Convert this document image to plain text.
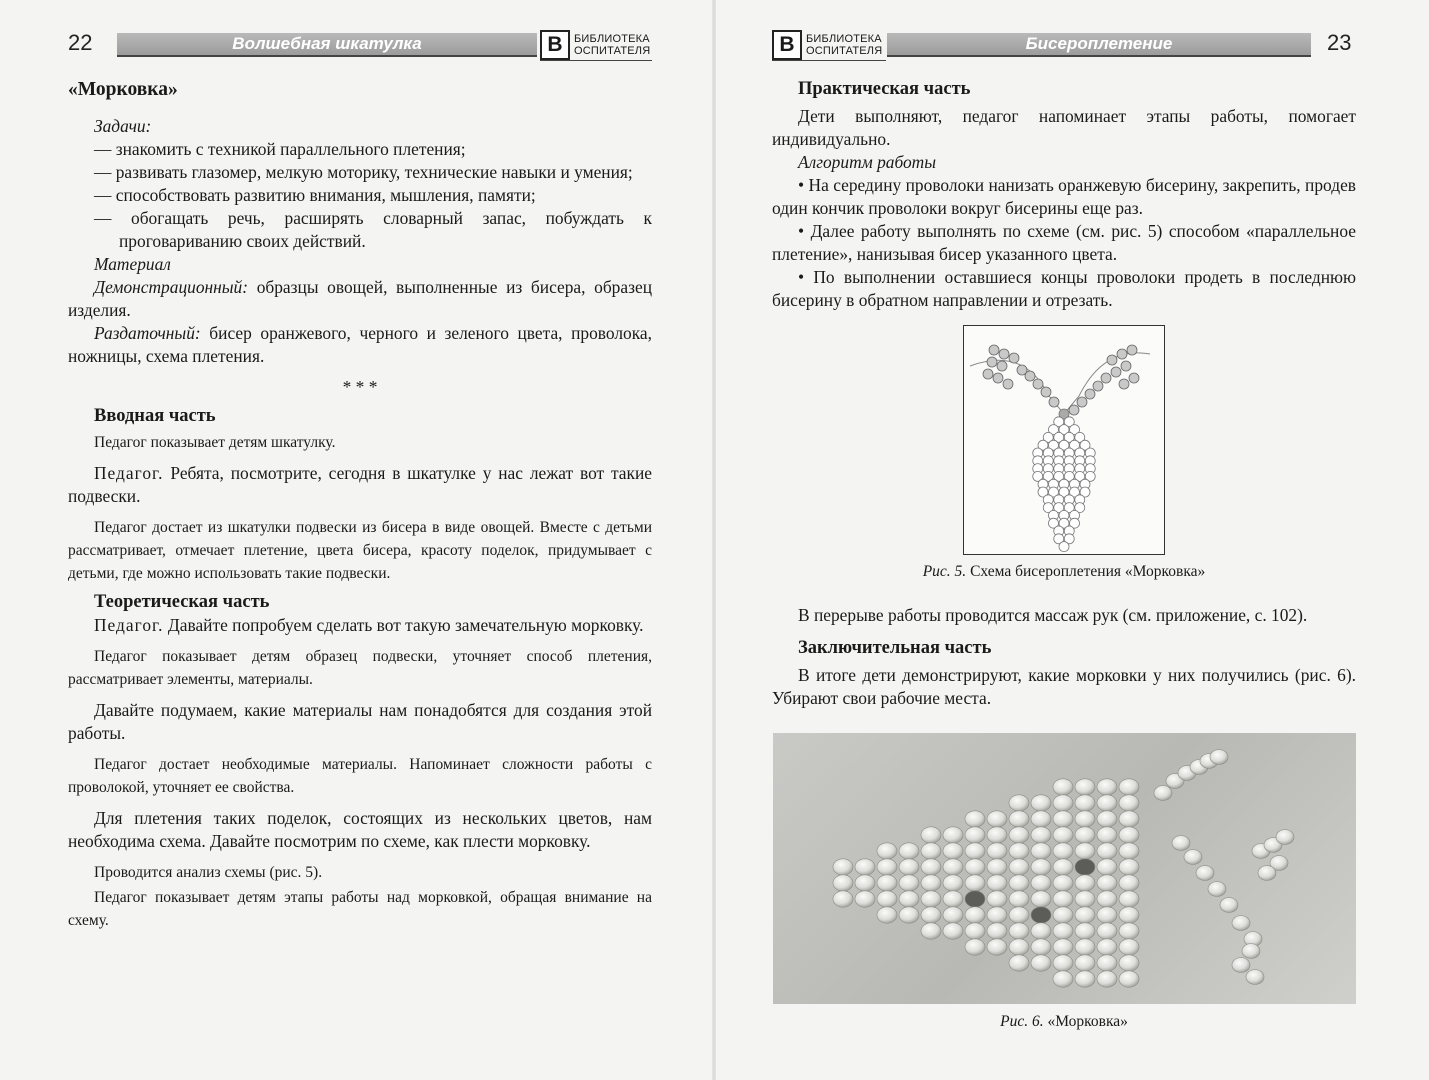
22	Волшебная шкатулка	В	БИБЛИОТЕКА
ОСПИТАТЕЛЯ

«Морковка»

Задачи:

— знакомить с техникой параллельного плетения;

— развивать глазомер, мелкую моторику, технические навыки и умения;

— способствовать развитию внимания, мышления, памяти;

— обогащать речь, расширять словарный запас, побуждать к проговариванию своих действий.

Материал

Демонстрационный: образцы овощей, выполненные из бисера, образец изделия.

Раздаточный: бисер оранжевого, черного и зеленого цвета, проволока, ножницы, схема плетения.

* * *

Вводная часть

Педагог показывает детям шкатулку.

Педагог. Ребята, посмотрите, сегодня в шкатулке у нас лежат вот такие подвески.

Педагог достает из шкатулки подвески из бисера в виде овощей. Вместе с детьми рассматривает, отмечает плетение, цвета бисера, красоту поделок, придумывает с детьми, где можно использовать такие подвески.

Теоретическая часть

Педагог. Давайте попробуем сделать вот такую замечательную морковку.

Педагог показывает детям образец подвески, уточняет способ плетения, рассматривает элементы, материалы.

Давайте подумаем, какие материалы нам понадобятся для создания этой работы.

Педагог достает необходимые материалы. Напоминает сложности работы с проволокой, уточняет ее свойства.

Для плетения таких поделок, состоящих из нескольких цветов, нам необходима схема. Давайте посмотрим по схеме, как плести морковку.

Проводится анализ схемы (рис. 5).

Педагог показывает детям этапы работы над морковкой, обращая внимание на схему.

В	БИБЛИОТЕКА
ОСПИТАТЕЛЯ	Бисероплетение	23

Практическая часть

Дети выполняют, педагог напоминает этапы работы, помогает индивидуально.

Алгоритм работы

• На середину проволоки нанизать оранжевую бисерину, закрепить, продев один кончик проволоки вокруг бисерины еще раз.

• Далее работу выполнять по схеме (см. рис. 5) способом «параллельное плетение», нанизывая бисер указанного цвета.

• По выполнении оставшиеся концы проволоки продеть в последнюю бисерину в обратном направлении и отрезать.

Рис. 5. Схема бисероплетения «Морковка»

В перерыве работы проводится массаж рук (см. приложение, с. 102).

Заключительная часть

В итоге дети демонстрируют, какие морковки у них получились (рис. 6). Убирают свои рабочие места.

Рис. 6. «Морковка»
